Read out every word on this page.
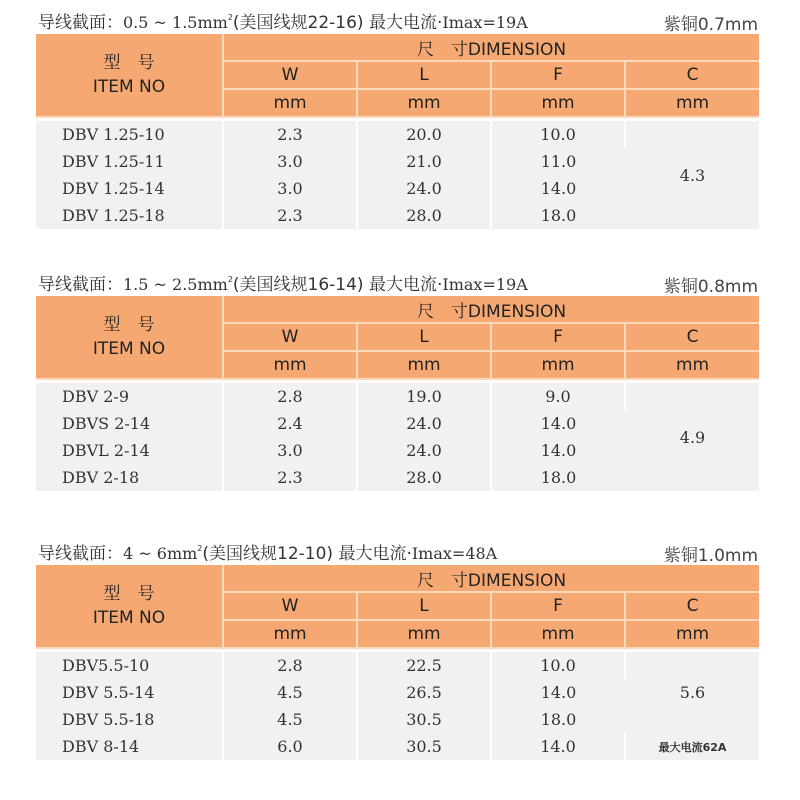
导线截面：0.5 ~ $1.5mm^2$(美国线规22-16) 最大电流·Imax=19A	紫铜0.7mm
型　号
ITEM NO	尺　寸DIMENSION			
	W	L	F	C
	mm	mm	mm	mm

DBV 1.25-10	2.3	20.0	10.0	4.3
DBV 1.25-11	3.0	21.0	11.0	
DBV 1.25-14	3.0	24.0	14.0	
DBV 1.25-18	2.3	28.0	18.0	
导线截面：1.5 ~ $2.5mm^2$(美国线规16-14) 最大电流·Imax=19A	紫铜0.8mm
型　号
ITEM NO	尺　寸DIMENSION			
	W	L	F	C
	mm	mm	mm	mm

DBV 2-9	2.8	19.0	9.0	4.9
DBVS 2-14	2.4	24.0	14.0	
DBVL 2-14	3.0	24.0	14.0	
DBV 2-18	2.3	28.0	18.0	
导线截面：4 ~ $6mm^2$(美国线规12-10) 最大电流·Imax=48A	紫铜1.0mm
型　号
ITEM NO	尺　寸DIMENSION			
	W	L	F	C
	mm	mm	mm	mm

DBV5.5-10	2.8	22.5	10.0	5.6
DBV 5.5-14	4.5	26.5	14.0	
DBV 5.5-18	4.5	30.5	18.0	
DBV 8-14	6.0	30.5	14.0	最大电流62A
